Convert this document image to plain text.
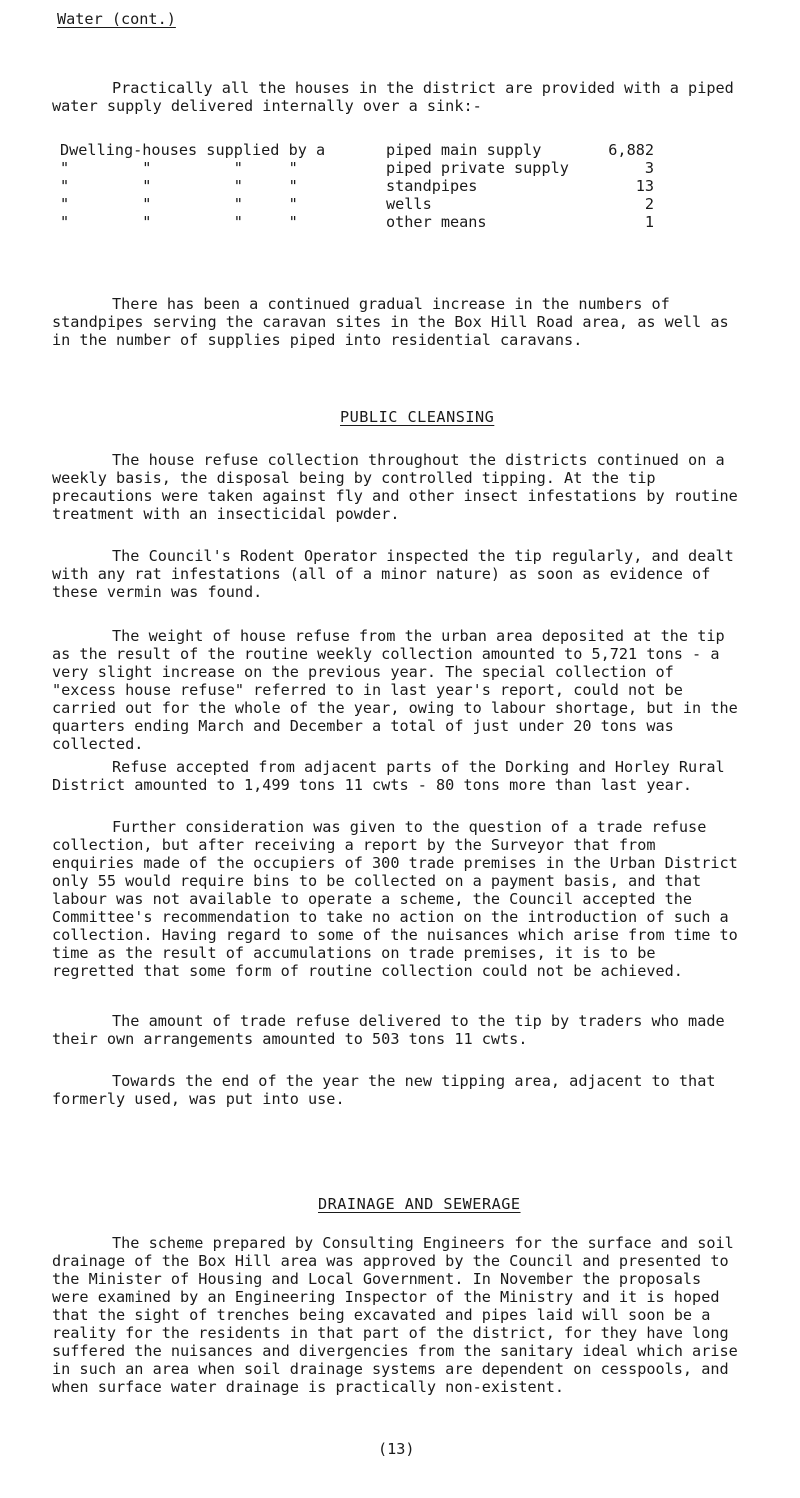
Water (cont.)

Practically all the houses in the district are provided with a piped water supply delivered internally over a sink:-

Dwelling-houses supplied by a	piped main supply	6,882
"        "         "     "	piped private supply	3
"        "         "     "	standpipes	13
"        "         "     "	wells	2
"        "         "     "	other means	1

There has been a continued gradual increase in the numbers of standpipes serving the caravan sites in the Box Hill Road area, as well as in the number of supplies piped into residential caravans.

PUBLIC CLEANSING

The house refuse collection throughout the districts continued on a weekly basis, the disposal being by controlled tipping. At the tip precautions were taken against fly and other insect infestations by routine treatment with an insecticidal powder.

The Council's Rodent Operator inspected the tip regularly, and dealt with any rat infestations (all of a minor nature) as soon as evidence of these vermin was found.

The weight of house refuse from the urban area deposited at the tip as the result of the routine weekly collection amounted to 5,721 tons - a very slight increase on the previous year. The special collection of "excess house refuse" referred to in last year's report, could not be carried out for the whole of the year, owing to labour shortage, but in the quarters ending March and December a total of just under 20 tons was collected.

Refuse accepted from adjacent parts of the Dorking and Horley Rural District amounted to 1,499 tons 11 cwts - 80 tons more than last year.

Further consideration was given to the question of a trade refuse collection, but after receiving a report by the Surveyor that from enquiries made of the occupiers of 300 trade premises in the Urban District only 55 would require bins to be collected on a payment basis, and that labour was not available to operate a scheme, the Council accepted the Committee's recommendation to take no action on the introduction of such a collection. Having regard to some of the nuisances which arise from time to time as the result of accumulations on trade premises, it is to be regretted that some form of routine collection could not be achieved.

The amount of trade refuse delivered to the tip by traders who made their own arrangements amounted to 503 tons 11 cwts.

Towards the end of the year the new tipping area, adjacent to that formerly used, was put into use.

DRAINAGE AND SEWERAGE

The scheme prepared by Consulting Engineers for the surface and soil drainage of the Box Hill area was approved by the Council and presented to the Minister of Housing and Local Government. In November the proposals were examined by an Engineering Inspector of the Ministry and it is hoped that the sight of trenches being excavated and pipes laid will soon be a reality for the residents in that part of the district, for they have long suffered the nuisances and divergencies from the sanitary ideal which arise in such an area when soil drainage systems are dependent on cesspools, and when surface water drainage is practically non-existent.

(13)
